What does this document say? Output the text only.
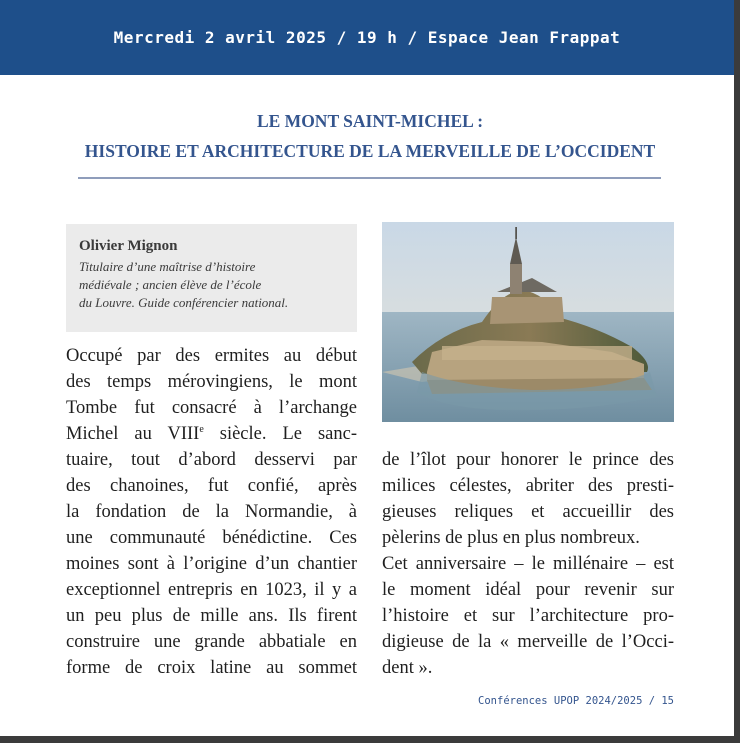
Mercredi 2 avril 2025 / 19 h / Espace Jean Frappat
LE MONT SAINT-MICHEL :
HISTOIRE ET ARCHITECTURE DE LA MERVEILLE DE L’OCCIDENT
Olivier Mignon
Titulaire d’une maîtrise d’histoire
médiévale ; ancien élève de l’école
du Louvre. Guide conférencier national.
Occupé par des ermites au début
des temps mérovingiens, le mont
Tombe fut consacré à l’archange
Michel au VIIIe siècle. Le sanc-
tuaire, tout d’abord desservi par
des chanoines, fut confié, après
la fondation de la Normandie, à
une communauté bénédictine. Ces
moines sont à l’origine d’un chantier
exceptionnel entrepris en 1023, il y a
un peu plus de mille ans. Ils firent
construire une grande abbatiale en
forme de croix latine au sommet
de l’îlot pour honorer le prince des
milices célestes, abriter des presti-
gieuses reliques et accueillir des
pèlerins de plus en plus nombreux.
Cet anniversaire – le millénaire – est
le moment idéal pour revenir sur
l’histoire et sur l’architecture pro-
digieuse de la « merveille de l’Occi-
dent ».
Conférences UPOP 2024/2025 / 15
